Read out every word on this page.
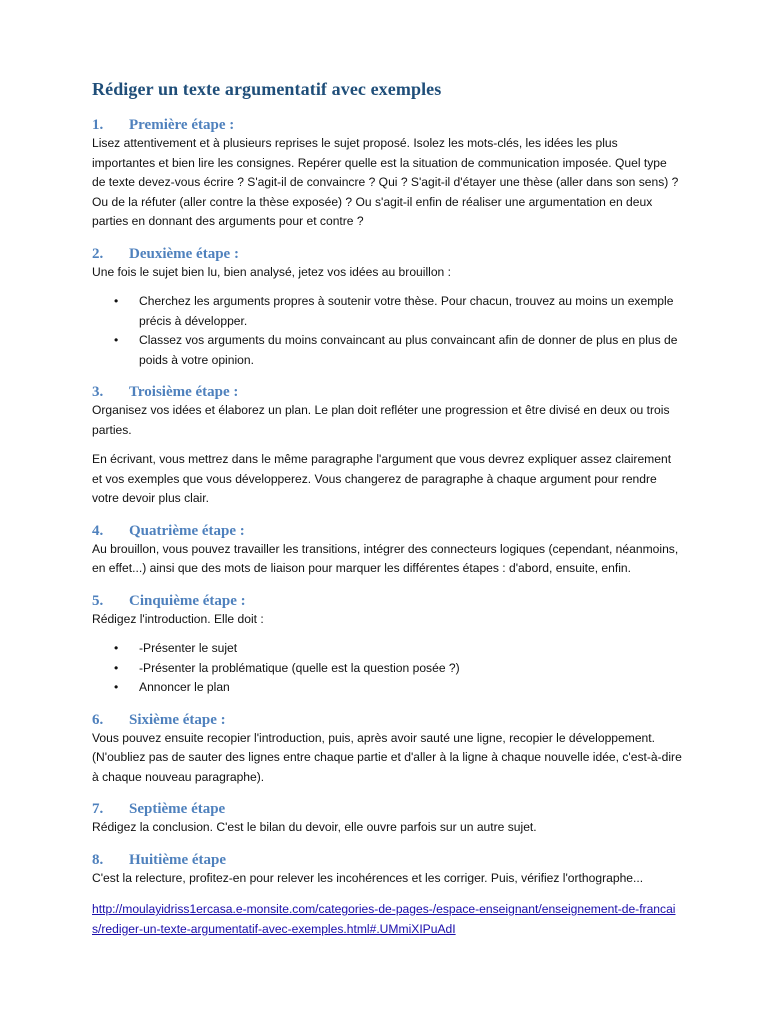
Rédiger un texte argumentatif avec exemples
1.	Première étape :

Lisez attentivement et à plusieurs reprises le sujet proposé. Isolez les mots-clés, les idées les plus importantes et bien lire les consignes. Repérer quelle est la situation de communication imposée. Quel type de texte devez-vous écrire ? S'agit-il de convaincre ? Qui ? S'agit-il d'étayer une thèse (aller dans son sens) ? Ou de la réfuter (aller contre la thèse exposée) ? Ou s'agit-il enfin de réaliser une argumentation en deux parties en donnant des arguments pour et contre ?

2.	Deuxième étape :

Une fois le sujet bien lu, bien analysé, jetez vos idées au brouillon :

• Cherchez les arguments propres à soutenir votre thèse. Pour chacun, trouvez au moins un exemple précis à développer.
• Classez vos arguments du moins convaincant au plus convaincant afin de donner de plus en plus de poids à votre opinion.
3.	Troisième étape :

Organisez vos idées et élaborez un plan. Le plan doit refléter une progression et être divisé en deux ou trois parties.

En écrivant, vous mettrez dans le même paragraphe l'argument que vous devrez expliquer assez clairement et vos exemples que vous développerez. Vous changerez de paragraphe à chaque argument pour rendre votre devoir plus clair.

4.	Quatrième étape :

Au brouillon, vous pouvez travailler les transitions, intégrer des connecteurs logiques (cependant, néanmoins, en effet...) ainsi que des mots de liaison pour marquer les différentes étapes : d'abord, ensuite, enfin.

5.	Cinquième étape :

Rédigez l'introduction. Elle doit :

• -Présenter le sujet
• -Présenter la problématique (quelle est la question posée ?)
• Annoncer le plan
6.	Sixième étape :

Vous pouvez ensuite recopier l'introduction, puis, après avoir sauté une ligne, recopier le développement. (N'oubliez pas de sauter des lignes entre chaque partie et d'aller à la ligne à chaque nouvelle idée, c'est-à-dire à chaque nouveau paragraphe).

7.	Septième étape

Rédigez la conclusion. C'est le bilan du devoir, elle ouvre parfois sur un autre sujet.

8.	Huitième étape

C'est la relecture, profitez-en pour relever les incohérences et les corriger. Puis, vérifiez l'orthographe...

http://moulayidriss1ercasa.e-monsite.com/categories-de-pages-/espace-enseignant/enseignement-de-francais/rediger-un-texte-argumentatif-avec-exemples.html#.UMmiXIPuAdI
